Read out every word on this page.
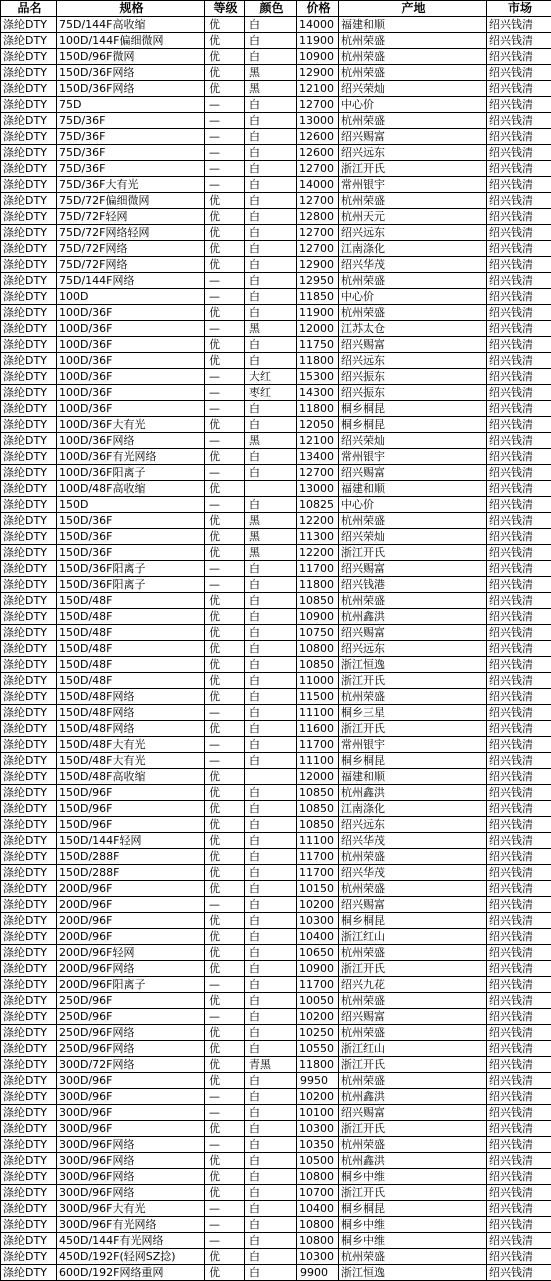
品名	规格	等级	颜色	价格	产地	市场
涤纶DTY	75D/144F高收缩	优	白	14000	福建和顺	绍兴钱清
涤纶DTY	100D/144F偏细微网	优	白	11900	杭州荣盛	绍兴钱清
涤纶DTY	150D/96F微网	优	白	10900	杭州荣盛	绍兴钱清
涤纶DTY	150D/36F网络	优	黑	12900	杭州荣盛	绍兴钱清
涤纶DTY	150D/36F网络	优	黑	12100	绍兴荣灿	绍兴钱清
涤纶DTY	75D	—	白	12700	中心价	绍兴钱清
涤纶DTY	75D/36F	—	白	13000	杭州荣盛	绍兴钱清
涤纶DTY	75D/36F	—	白	12600	绍兴赐富	绍兴钱清
涤纶DTY	75D/36F	—	白	12600	绍兴远东	绍兴钱清
涤纶DTY	75D/36F	—	白	12700	浙江开氏	绍兴钱清
涤纶DTY	75D/36F大有光	—	白	14000	常州银宇	绍兴钱清
涤纶DTY	75D/72F偏细微网	优	白	12700	杭州荣盛	绍兴钱清
涤纶DTY	75D/72F轻网	优	白	12800	杭州天元	绍兴钱清
涤纶DTY	75D/72F网络轻网	优	白	12700	绍兴远东	绍兴钱清
涤纶DTY	75D/72F网络	优	白	12700	江南涤化	绍兴钱清
涤纶DTY	75D/72F网络	优	白	12900	绍兴华茂	绍兴钱清
涤纶DTY	75D/144F网络	—	白	12950	杭州荣盛	绍兴钱清
涤纶DTY	100D	—	白	11850	中心价	绍兴钱清
涤纶DTY	100D/36F	优	白	11900	杭州荣盛	绍兴钱清
涤纶DTY	100D/36F	—	黑	12000	江苏太仓	绍兴钱清
涤纶DTY	100D/36F	优	白	11750	绍兴赐富	绍兴钱清
涤纶DTY	100D/36F	优	白	11800	绍兴远东	绍兴钱清
涤纶DTY	100D/36F	—	大红	15300	绍兴振东	绍兴钱清
涤纶DTY	100D/36F	—	枣红	14300	绍兴振东	绍兴钱清
涤纶DTY	100D/36F	—	白	11800	桐乡桐昆	绍兴钱清
涤纶DTY	100D/36F大有光	优	白	12050	桐乡桐昆	绍兴钱清
涤纶DTY	100D/36F网络	—	黑	12100	绍兴荣灿	绍兴钱清
涤纶DTY	100D/36F有光网络	优	白	13400	常州银宇	绍兴钱清
涤纶DTY	100D/36F阳离子	—	白	12700	绍兴赐富	绍兴钱清
涤纶DTY	100D/48F高收缩	优		13000	福建和顺	绍兴钱清
涤纶DTY	150D	—	白	10825	中心价	绍兴钱清
涤纶DTY	150D/36F	优	黑	12200	杭州荣盛	绍兴钱清
涤纶DTY	150D/36F	优	黑	11300	绍兴荣灿	绍兴钱清
涤纶DTY	150D/36F	优	黑	12200	浙江开氏	绍兴钱清
涤纶DTY	150D/36F阳离子	—	白	11700	绍兴赐富	绍兴钱清
涤纶DTY	150D/36F阳离子	—	白	11800	绍兴钱港	绍兴钱清
涤纶DTY	150D/48F	优	白	10850	杭州荣盛	绍兴钱清
涤纶DTY	150D/48F	优	白	10900	杭州鑫洪	绍兴钱清
涤纶DTY	150D/48F	优	白	10750	绍兴赐富	绍兴钱清
涤纶DTY	150D/48F	优	白	10800	绍兴远东	绍兴钱清
涤纶DTY	150D/48F	优	白	10850	浙江恒逸	绍兴钱清
涤纶DTY	150D/48F	优	白	11000	浙江开氏	绍兴钱清
涤纶DTY	150D/48F网络	优	白	11500	杭州荣盛	绍兴钱清
涤纶DTY	150D/48F网络	—	白	11100	桐乡三星	绍兴钱清
涤纶DTY	150D/48F网络	优	白	11600	浙江开氏	绍兴钱清
涤纶DTY	150D/48F大有光	—	白	11700	常州银宇	绍兴钱清
涤纶DTY	150D/48F大有光	—	白	11100	桐乡桐昆	绍兴钱清
涤纶DTY	150D/48F高收缩	优		12000	福建和顺	绍兴钱清
涤纶DTY	150D/96F	优	白	10850	杭州鑫洪	绍兴钱清
涤纶DTY	150D/96F	优	白	10850	江南涤化	绍兴钱清
涤纶DTY	150D/96F	优	白	10850	绍兴远东	绍兴钱清
涤纶DTY	150D/144F轻网	优	白	11100	绍兴华茂	绍兴钱清
涤纶DTY	150D/288F	优	白	11700	杭州荣盛	绍兴钱清
涤纶DTY	150D/288F	优	白	11700	绍兴华茂	绍兴钱清
涤纶DTY	200D/96F	优	白	10150	杭州荣盛	绍兴钱清
涤纶DTY	200D/96F	—	白	10200	绍兴赐富	绍兴钱清
涤纶DTY	200D/96F	优	白	10300	桐乡桐昆	绍兴钱清
涤纶DTY	200D/96F	优	白	10400	浙江红山	绍兴钱清
涤纶DTY	200D/96F轻网	优	白	10650	杭州荣盛	绍兴钱清
涤纶DTY	200D/96F网络	优	白	10900	浙江开氏	绍兴钱清
涤纶DTY	200D/96F阳离子	—	白	11700	绍兴九花	绍兴钱清
涤纶DTY	250D/96F	优	白	10050	杭州荣盛	绍兴钱清
涤纶DTY	250D/96F	—	白	10200	绍兴赐富	绍兴钱清
涤纶DTY	250D/96F网络	优	白	10250	杭州荣盛	绍兴钱清
涤纶DTY	250D/96F网络	优	白	10550	浙江红山	绍兴钱清
涤纶DTY	300D/72F网络	优	青黑	11800	浙江开氏	绍兴钱清
涤纶DTY	300D/96F	优	白	9950	杭州荣盛	绍兴钱清
涤纶DTY	300D/96F	—	白	10200	杭州鑫洪	绍兴钱清
涤纶DTY	300D/96F	—	白	10100	绍兴赐富	绍兴钱清
涤纶DTY	300D/96F	优	白	10300	浙江开氏	绍兴钱清
涤纶DTY	300D/96F网络	—	白	10350	杭州荣盛	绍兴钱清
涤纶DTY	300D/96F网络	优	白	10500	杭州鑫洪	绍兴钱清
涤纶DTY	300D/96F网络	优	白	10800	桐乡中维	绍兴钱清
涤纶DTY	300D/96F网络	优	白	10700	浙江开氏	绍兴钱清
涤纶DTY	300D/96F大有光	—	白	10400	桐乡桐昆	绍兴钱清
涤纶DTY	300D/96F有光网络	—	白	10800	桐乡中维	绍兴钱清
涤纶DTY	450D/144F有光网络	—	白	10800	桐乡中维	绍兴钱清
涤纶DTY	450D/192F(轻网SZ捻)	优	白	10300	杭州荣盛	绍兴钱清
涤纶DTY	600D/192F网络重网	优	白	9900	浙江恒逸	绍兴钱清
